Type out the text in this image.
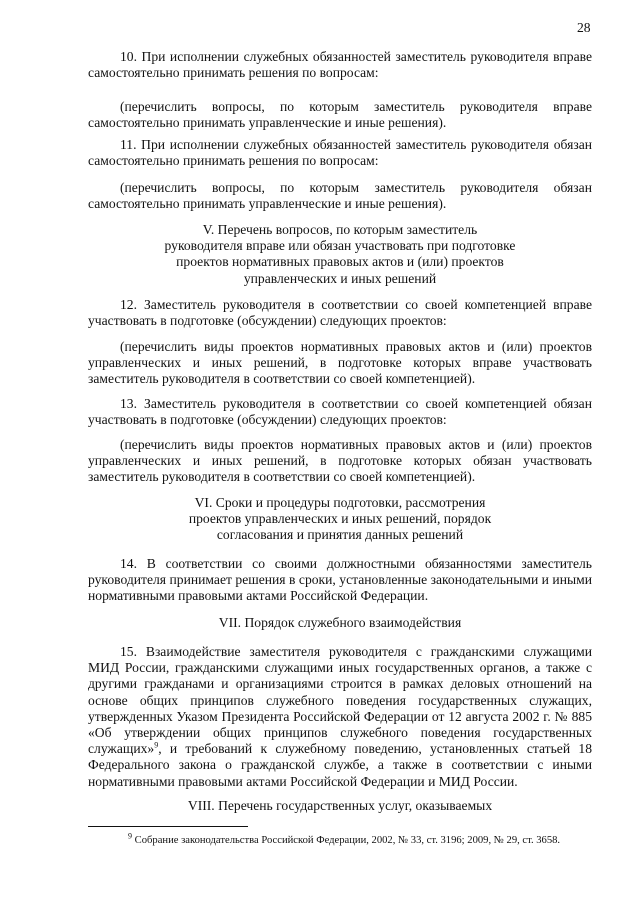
28
10. При исполнении служебных обязанностей заместитель руководителя вправе самостоятельно принимать решения по вопросам:
(перечислить вопросы, по которым заместитель руководителя вправе самостоятельно принимать управленческие и иные решения).
11. При исполнении служебных обязанностей заместитель руководителя обязан самостоятельно принимать решения по вопросам:
(перечислить вопросы, по которым заместитель руководителя обязан самостоятельно принимать управленческие и иные решения).
V. Перечень вопросов, по которым заместитель
руководителя вправе или обязан участвовать при подготовке
проектов нормативных правовых актов и (или) проектов
управленческих и иных решений
12. Заместитель руководителя в соответствии со своей компетенцией вправе участвовать в подготовке (обсуждении) следующих проектов:
(перечислить виды проектов нормативных правовых актов и (или) проектов управленческих и иных решений, в подготовке которых вправе участвовать заместитель руководителя в соответствии со своей компетенцией).
13. Заместитель руководителя в соответствии со своей компетенцией обязан участвовать в подготовке (обсуждении) следующих проектов:
(перечислить виды проектов нормативных правовых актов и (или) проектов управленческих и иных решений, в подготовке которых обязан участвовать заместитель руководителя в соответствии со своей компетенцией).
VI. Сроки и процедуры подготовки, рассмотрения
проектов управленческих и иных решений, порядок
согласования и принятия данных решений
14. В соответствии со своими должностными обязанностями заместитель руководителя принимает решения в сроки, установленные законодательными и иными нормативными правовыми актами Российской Федерации.
VII. Порядок служебного взаимодействия
15. Взаимодействие заместителя руководителя с гражданскими служащими МИД России, гражданскими служащими иных государственных органов, а также с другими гражданами и организациями строится в рамках деловых отношений на основе общих принципов служебного поведения государственных служащих, утвержденных Указом Президента Российской Федерации от 12 августа 2002 г. № 885 «Об утверждении общих принципов служебного поведения государственных служащих»$^9$, и требований к служебному поведению, установленных статьей 18 Федерального закона о гражданской службе, а также в соответствии с иными нормативными правовыми актами Российской Федерации и МИД России.
VIII. Перечень государственных услуг, оказываемых
$^9$ Собрание законодательства Российской Федерации, 2002, № 33, ст. 3196; 2009, № 29, ст. 3658.
